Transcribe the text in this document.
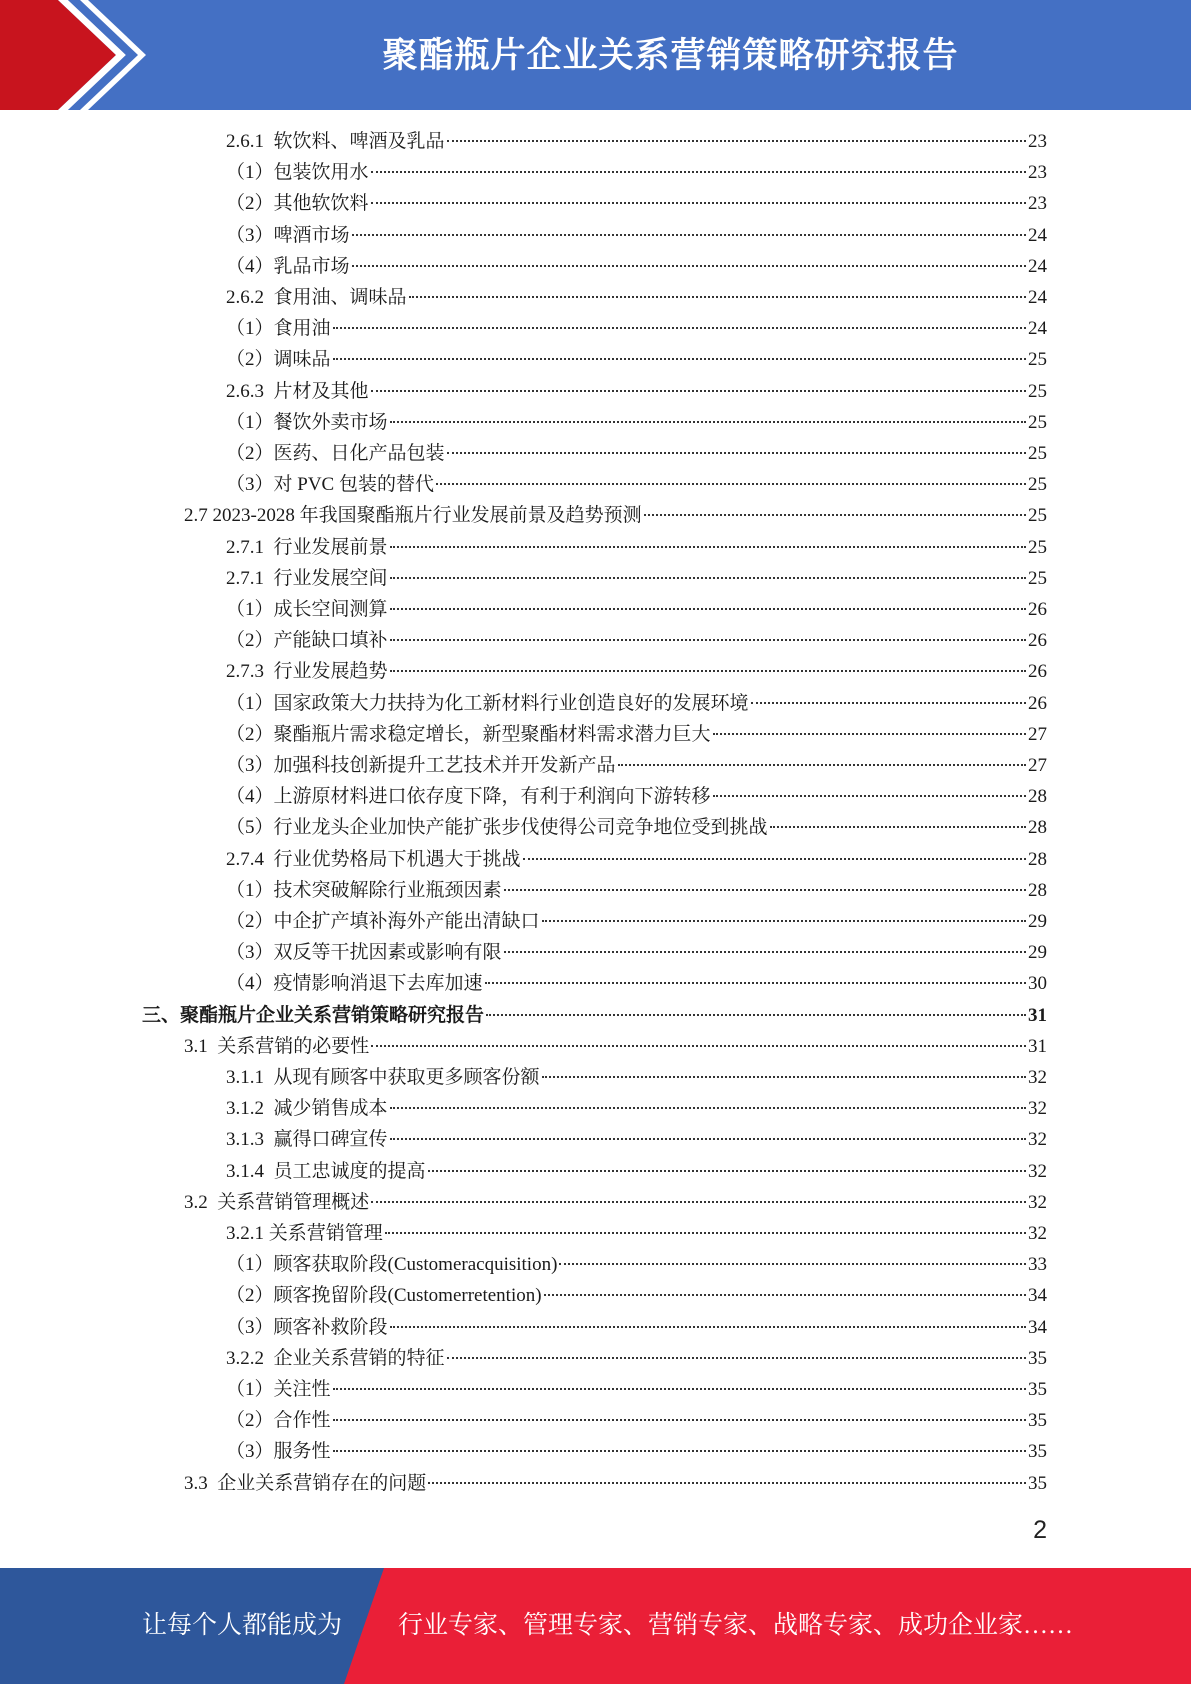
聚酯瓶片企业关系营销策略研究报告
2.6.1  软饮料、啤酒及乳品	23
（1）包装饮用水	23
（2）其他软饮料	23
（3）啤酒市场	24
（4）乳品市场	24
2.6.2  食用油、调味品	24
（1）食用油	24
（2）调味品	25
2.6.3  片材及其他	25
（1）餐饮外卖市场	25
（2）医药、日化产品包装	25
（3）对 PVC 包装的替代	25
2.7 2023-2028 年我国聚酯瓶片行业发展前景及趋势预测	25
2.7.1  行业发展前景	25
2.7.1  行业发展空间	25
（1）成长空间测算	26
（2）产能缺口填补	26
2.7.3  行业发展趋势	26
（1）国家政策大力扶持为化工新材料行业创造良好的发展环境	26
（2）聚酯瓶片需求稳定增长，新型聚酯材料需求潜力巨大	27
（3）加强科技创新提升工艺技术并开发新产品	27
（4）上游原材料进口依存度下降，有利于利润向下游转移	28
（5）行业龙头企业加快产能扩张步伐使得公司竞争地位受到挑战	28
2.7.4  行业优势格局下机遇大于挑战	28
（1）技术突破解除行业瓶颈因素	28
（2）中企扩产填补海外产能出清缺口	29
（3）双反等干扰因素或影响有限	29
（4）疫情影响消退下去库加速	30
三、聚酯瓶片企业关系营销策略研究报告	31
3.1  关系营销的必要性	31
3.1.1  从现有顾客中获取更多顾客份额	32
3.1.2  减少销售成本	32
3.1.3  赢得口碑宣传	32
3.1.4  员工忠诚度的提高	32
3.2  关系营销管理概述	32
3.2.1 关系营销管理	32
（1）顾客获取阶段(Customeracquisition)	33
（2）顾客挽留阶段(Customerretention)	34
（3）顾客补救阶段	34
3.2.2  企业关系营销的特征	35
（1）关注性	35
（2）合作性	35
（3）服务性	35
3.3  企业关系营销存在的问题	35
2
让每个人都能成为 行业专家、管理专家、营销专家、战略专家、成功企业家……
